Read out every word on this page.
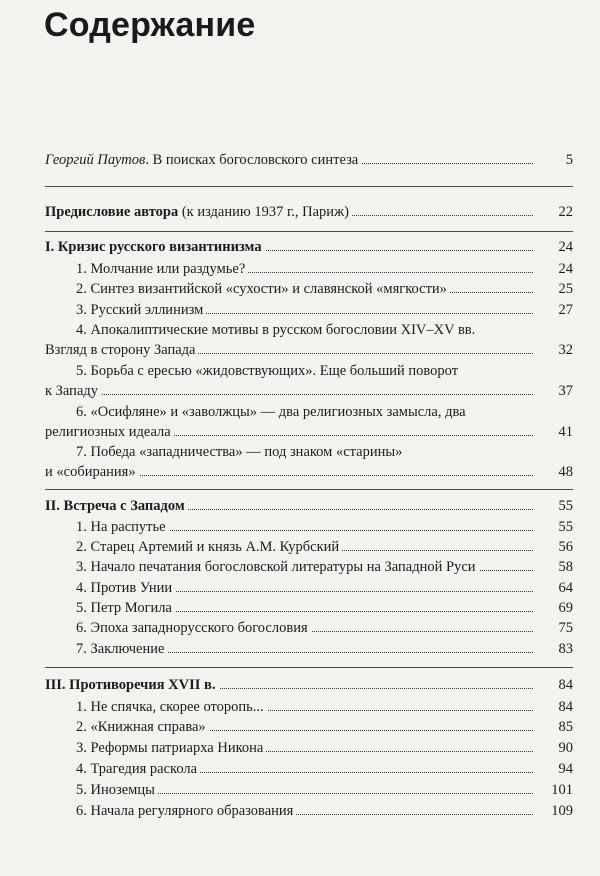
Содержание
Георгий Паутов. В поисках богословского синтеза	5
Предисловие автора (к изданию 1937 г., Париж)	22
I. Кризис русского византинизма	24
1. Молчание или раздумье?	24
2. Синтез византийской «сухости» и славянской «мягкости»	25
3. Русский эллинизм	27
4. Апокалиптические мотивы в русском богословии XIV–XV вв.
Взгляд в сторону Запада	32
5. Борьба с ересью «жидовствующих». Еще больший поворот
к Западу	37
6. «Осифляне» и «заволжцы» — два религиозных замысла, два
религиозных идеала	41
7. Победа «западничества» — под знаком «старины»
и «собирания»	48
II. Встреча с Западом	55
1. На распутье	55
2. Старец Артемий и князь А.М. Курбский	56
3. Начало печатания богословской литературы на Западной Руси	58
4. Против Унии	64
5. Петр Могила	69
6. Эпоха западнорусского богословия	75
7. Заключение	83
III. Противоречия XVII в.	84
1. Не спячка, скорее оторопь...	84
2. «Книжная справа»	85
3. Реформы патриарха Никона	90
4. Трагедия раскола	94
5. Иноземцы	101
6. Начала регулярного образования	109
